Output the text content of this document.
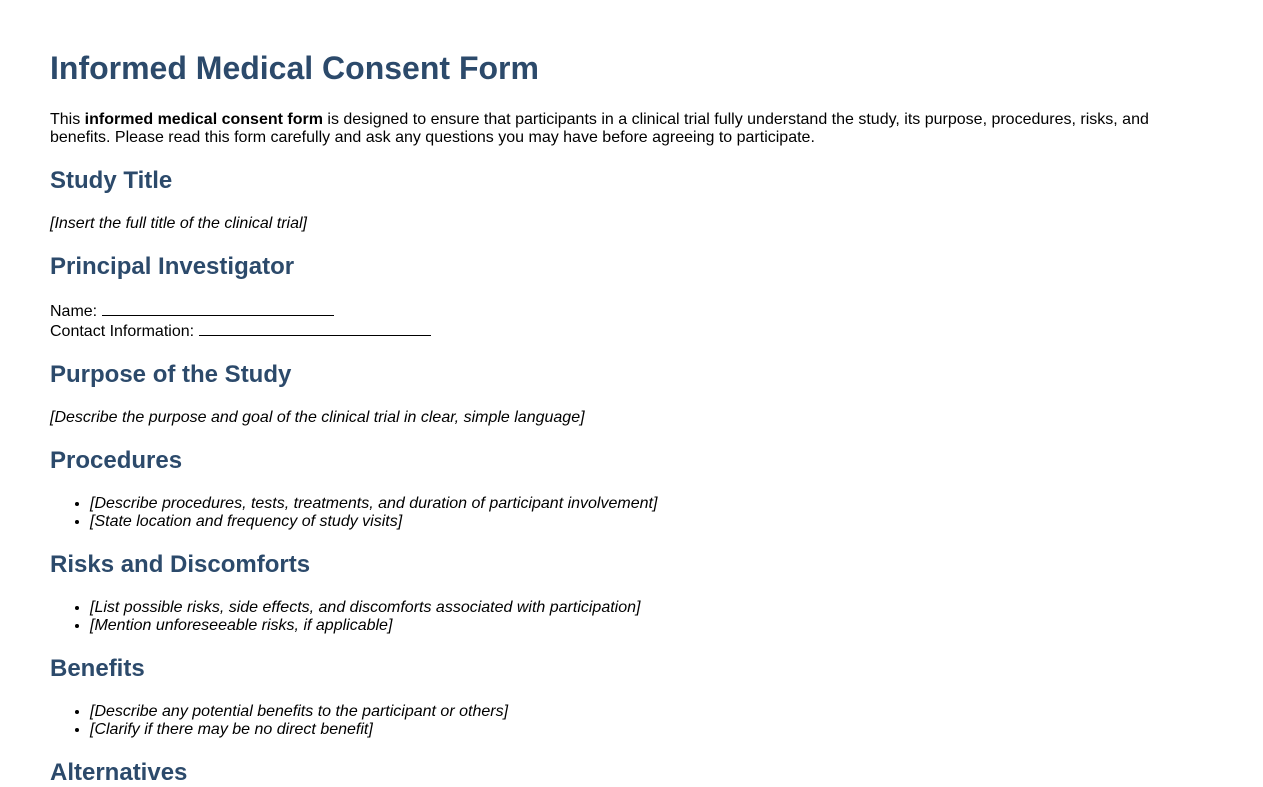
Informed Medical Consent Form

This informed medical consent form is designed to ensure that participants in a clinical trial fully understand the study, its purpose, procedures, risks, and benefits. Please read this form carefully and ask any questions you may have before agreeing to participate.

Study Title

[Insert the full title of the clinical trial]

Principal Investigator

Name:

Contact Information:

Purpose of the Study

[Describe the purpose and goal of the clinical trial in clear, simple language]

Procedures
• [Describe procedures, tests, treatments, and duration of participant involvement]
• [State location and frequency of study visits]
Risks and Discomforts
• [List possible risks, side effects, and discomforts associated with participation]
• [Mention unforeseeable risks, if applicable]
Benefits
• [Describe any potential benefits to the participant or others]
• [Clarify if there may be no direct benefit]
Alternatives
